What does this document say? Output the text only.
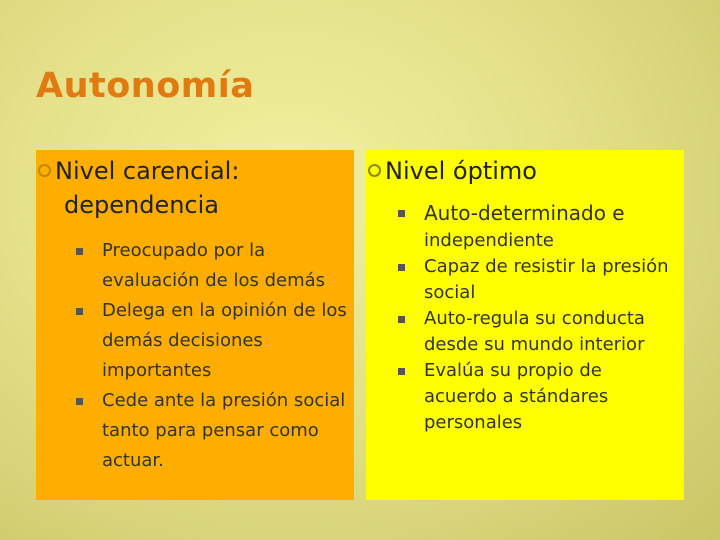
Autonomía
Nivel carencial:
dependencia
Preocupado por la evaluación de los demás
Delega en la opinión de los demás decisiones importantes
Cede ante la presión social tanto para pensar como actuar.
Nivel óptimo
Auto-determinado e
independiente
Capaz de resistir la presión social
Auto-regula su conducta desde su mundo interior
Evalúa su propio de acuerdo a stándares personales
